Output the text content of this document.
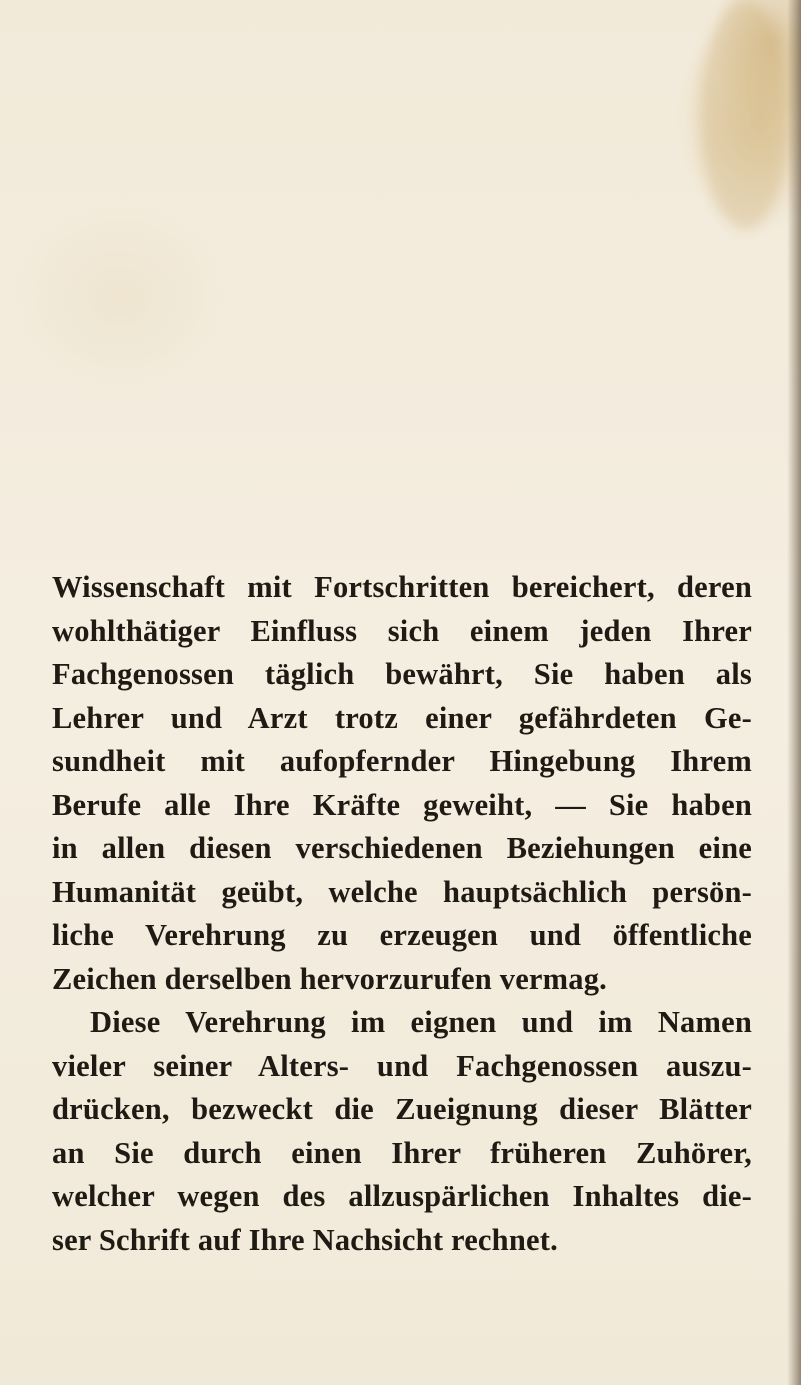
Wissenschaft mit Fortschritten bereichert, deren
wohlthätiger Einfluss sich einem jeden Ihrer
Fachgenossen täglich bewährt, Sie haben als
Lehrer und Arzt trotz einer gefährdeten Ge-
sundheit mit aufopfernder Hingebung Ihrem
Berufe alle Ihre Kräfte geweiht, — Sie haben
in allen diesen verschiedenen Beziehungen eine
Humanität geübt, welche hauptsächlich persön-
liche Verehrung zu erzeugen und öffentliche
Zeichen derselben hervorzurufen vermag.
Diese Verehrung im eignen und im Namen
vieler seiner Alters- und Fachgenossen auszu-
drücken, bezweckt die Zueignung dieser Blätter
an Sie durch einen Ihrer früheren Zuhörer,
welcher wegen des allzuspärlichen Inhaltes die-
ser Schrift auf Ihre Nachsicht rechnet.
